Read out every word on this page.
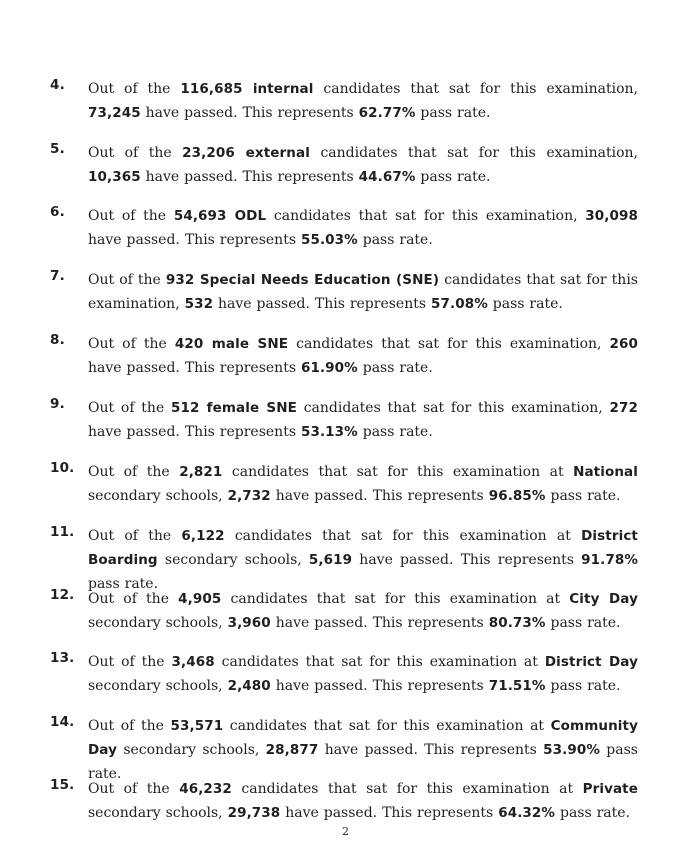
4. Out of the 116,685 internal candidates that sat for this examination, 73,245 have passed. This represents 62.77% pass rate.
5. Out of the 23,206 external candidates that sat for this examination, 10,365 have passed. This represents 44.67% pass rate.
6. Out of the 54,693 ODL candidates that sat for this examination, 30,098 have passed. This represents 55.03% pass rate.
7. Out of the 932 Special Needs Education (SNE) candidates that sat for this examination, 532 have passed. This represents 57.08% pass rate.
8. Out of the 420 male SNE candidates that sat for this examination, 260 have passed. This represents 61.90% pass rate.
9. Out of the 512 female SNE candidates that sat for this examination, 272 have passed. This represents 53.13% pass rate.
10. Out of the 2,821 candidates that sat for this examination at National secondary schools, 2,732 have passed. This represents 96.85% pass rate.
11. Out of the 6,122 candidates that sat for this examination at District Boarding secondary schools, 5,619 have passed. This represents 91.78% pass rate.
12. Out of the 4,905 candidates that sat for this examination at City Day secondary schools, 3,960 have passed. This represents 80.73% pass rate.
13. Out of the 3,468 candidates that sat for this examination at District Day secondary schools, 2,480 have passed. This represents 71.51% pass rate.
14. Out of the 53,571 candidates that sat for this examination at Community Day secondary schools, 28,877 have passed. This represents 53.90% pass rate.
15. Out of the 46,232 candidates that sat for this examination at Private secondary schools, 29,738 have passed. This represents 64.32% pass rate.
2
